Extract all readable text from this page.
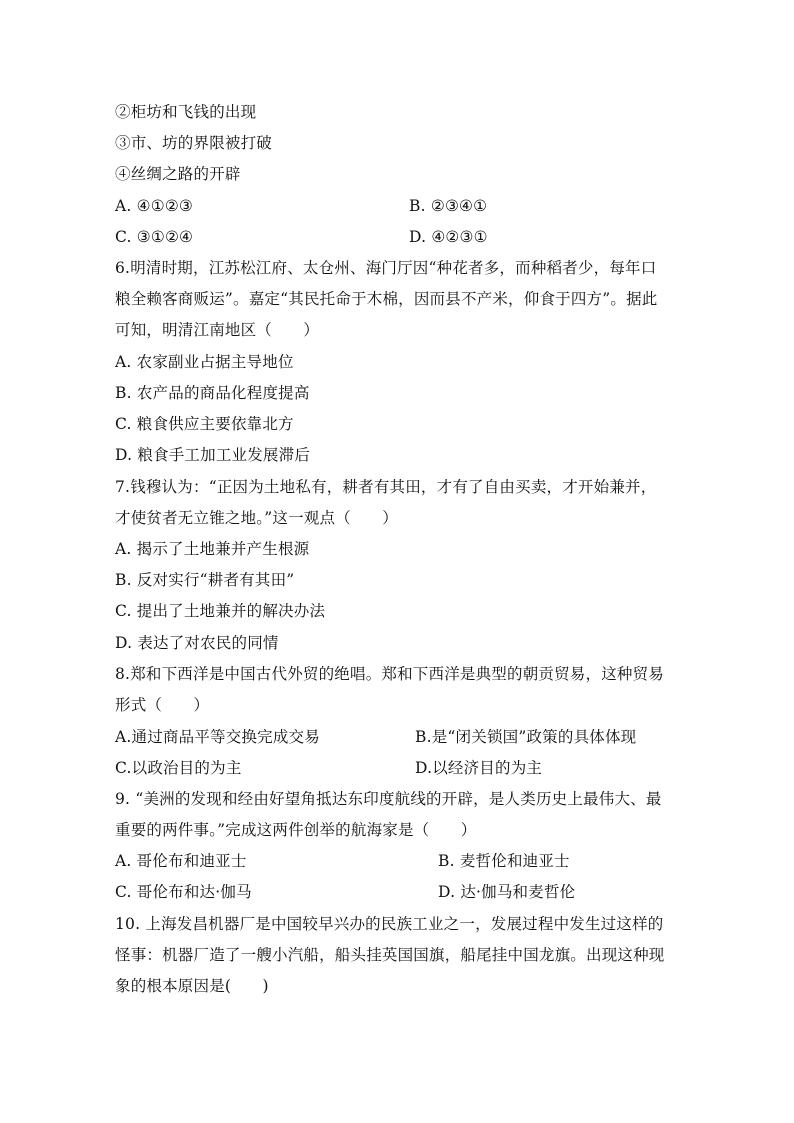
②柜坊和飞钱的出现
③市、坊的界限被打破
④丝绸之路的开辟
A. ④①②③	B. ②③④①
C. ③①②④	D. ④②③①
6.明清时期，江苏松江府、太仓州、海门厅因“种花者多，而种稻者少，每年口
粮全赖客商贩运”。嘉定“其民托命于木棉，因而县不产米，仰食于四方”。据此
可知，明清江南地区（　　）
A. 农家副业占据主导地位
B. 农产品的商品化程度提高
C. 粮食供应主要依靠北方
D. 粮食手工加工业发展滞后
7.钱穆认为：“正因为土地私有，耕者有其田，才有了自由买卖，才开始兼并，
才使贫者无立锥之地。”这一观点（　　）
A. 揭示了土地兼并产生根源
B. 反对实行“耕者有其田”
C. 提出了土地兼并的解决办法
D. 表达了对农民的同情
8.郑和下西洋是中国古代外贸的绝唱。郑和下西洋是典型的朝贡贸易，这种贸易
形式（　　）
A.通过商品平等交换完成交易	B.是“闭关锁国”政策的具体体现
C.以政治目的为主	D.以经济目的为主
9. “美洲的发现和经由好望角抵达东印度航线的开辟，是人类历史上最伟大、最
重要的两件事。”完成这两件创举的航海家是（　　）
A. 哥伦布和迪亚士	B. 麦哲伦和迪亚士
C. 哥伦布和达·伽马	D. 达·伽马和麦哲伦
10. 上海发昌机器厂是中国较早兴办的民族工业之一，发展过程中发生过这样的
怪事：机器厂造了一艘小汽船，船头挂英国国旗，船尾挂中国龙旗。出现这种现
象的根本原因是(　　)
